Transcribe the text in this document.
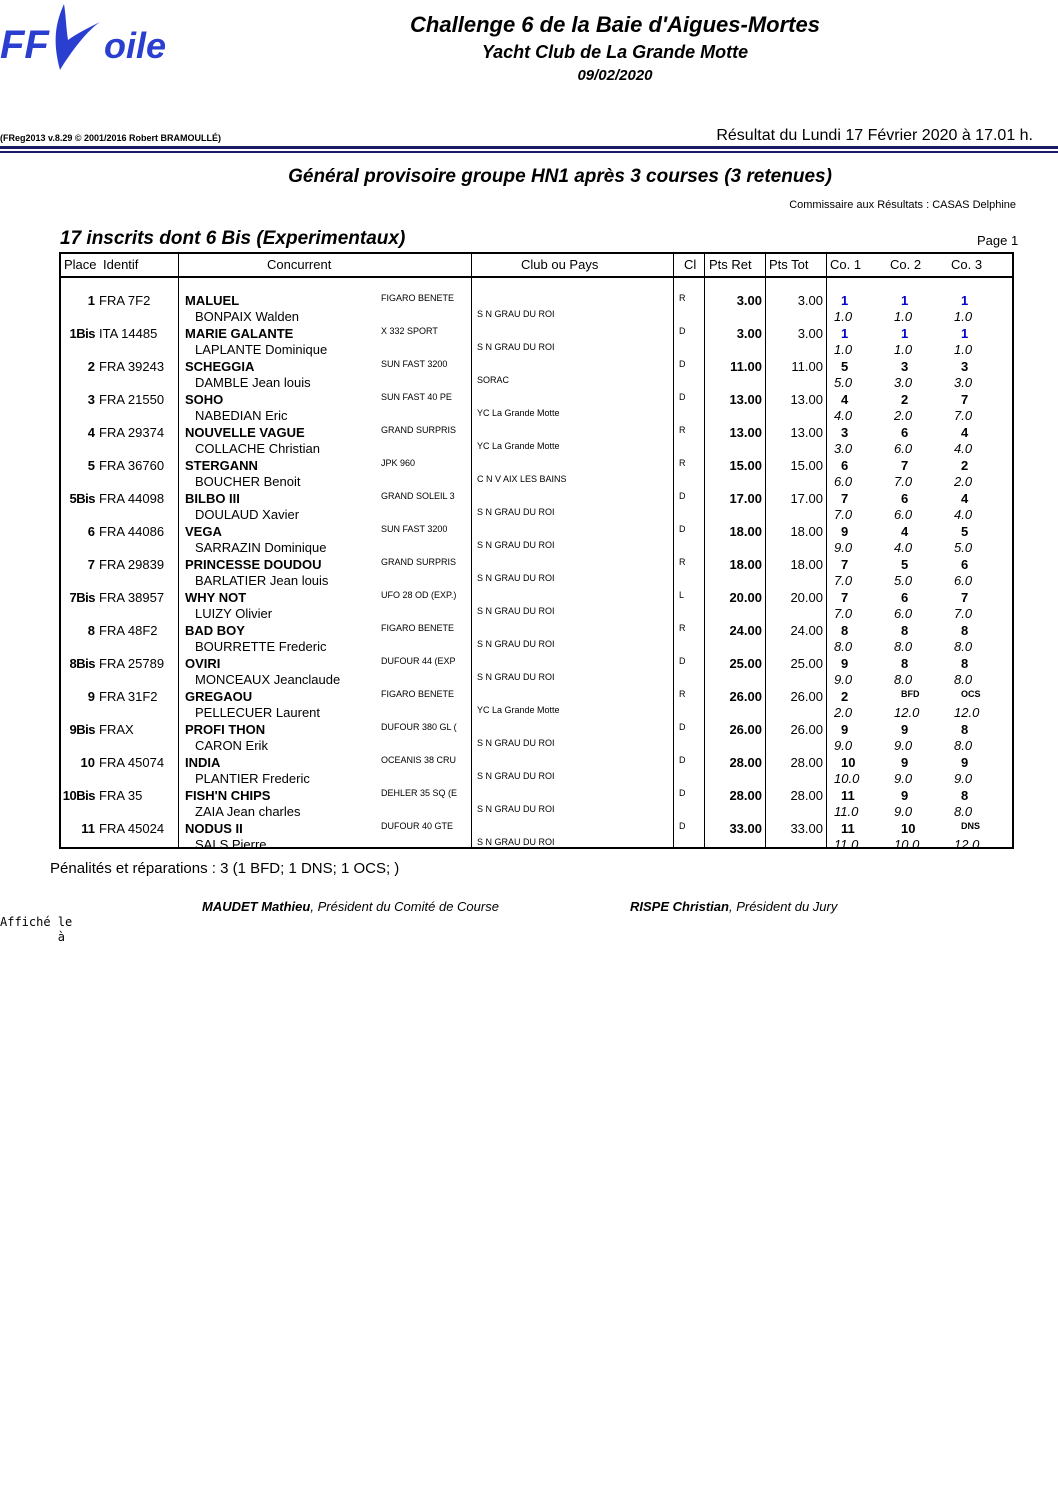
FF oile
Challenge 6 de la Baie d'Aigues-Mortes
Yacht Club de La Grande Motte
09/02/2020
(FReg2013 v.8.29 © 2001/2016 Robert BRAMOULLÉ)	Résultat du Lundi 17 Février 2020 à 17.01 h.
Général provisoire groupe HN1 après 3 courses (3 retenues)
Commissaire aux Résultats : CASAS Delphine
17 inscrits dont 6 Bis (Experimentaux)	Page 1
Place Identif	Concurrent	Club ou Pays	Cl Pts Ret Pts Tot Co. 1 Co. 2 Co. 3
1 FRA 7F2	MALUEL	FIGARO BENETE
BONPAIX Walden	S N GRAU DU ROI
R	3.00	3.00 1	1	1
1.0	1.0	1.0
1Bis ITA 14485	MARIE GALANTE	X 332 SPORT
LAPLANTE Dominique	S N GRAU DU ROI
D	3.00	3.00 1	1	1
1.0	1.0	1.0
2 FRA 39243	SCHEGGIA	SUN FAST 3200
DAMBLE Jean louis	SORAC
D	11.00	11.00 5	3	3
5.0	3.0	3.0
3 FRA 21550	SOHO	SUN FAST 40 PE
NABEDIAN Eric	YC La Grande Motte
D	13.00	13.00 4	2	7
4.0	2.0	7.0
4 FRA 29374	NOUVELLE VAGUE	GRAND SURPRIS
COLLACHE Christian	YC La Grande Motte
R	13.00	13.00 3	6	4
3.0	6.0	4.0
5 FRA 36760	STERGANN	JPK 960
BOUCHER Benoit	C N V AIX LES BAINS
R	15.00	15.00 6	7	2
6.0	7.0	2.0
5Bis FRA 44098	BILBO III	GRAND SOLEIL 3
DOULAUD Xavier	S N GRAU DU ROI
D	17.00	17.00 7	6	4
7.0	6.0	4.0
6 FRA 44086	VEGA	SUN FAST 3200
SARRAZIN Dominique	S N GRAU DU ROI
D	18.00	18.00 9	4	5
9.0	4.0	5.0
7 FRA 29839	PRINCESSE DOUDOU	GRAND SURPRIS
BARLATIER Jean louis	S N GRAU DU ROI
R	18.00	18.00 7	5	6
7.0	5.0	6.0
7Bis FRA 38957	WHY NOT	UFO 28 OD (EXP.)
LUIZY Olivier	S N GRAU DU ROI
L	20.00	20.00 7	6	7
7.0	6.0	7.0
8 FRA 48F2	BAD BOY	FIGARO BENETE
BOURRETTE Frederic	S N GRAU DU ROI
R	24.00	24.00 8	8	8
8.0	8.0	8.0
8Bis FRA 25789	OVIRI	DUFOUR 44 (EXP
MONCEAUX Jeanclaude	S N GRAU DU ROI
D	25.00	25.00 9	8	8
9.0	8.0	8.0
9 FRA 31F2	GREGAOU	FIGARO BENETE
PELLECUER Laurent	YC La Grande Motte
R	26.00	26.00 2	BFD	OCS
2.0	12.0	12.0
9Bis FRAX	PROFI THON	DUFOUR 380 GL (
CARON Erik	S N GRAU DU ROI
D	26.00	26.00 9	9	8
9.0	9.0	8.0
10 FRA 45074	INDIA	OCEANIS 38 CRU
PLANTIER Frederic	S N GRAU DU ROI
D	28.00	28.00 10	9	9
10.0	9.0	9.0
10Bis FRA 35	FISH'N CHIPS	DEHLER 35 SQ (E
ZAIA Jean charles	S N GRAU DU ROI
D	28.00	28.00 11	9	8
11.0	9.0	8.0
11 FRA 45024	NODUS II	DUFOUR 40 GTE
SALS Pierre	S N GRAU DU ROI
D	33.00	33.00 11	10	DNS
11.0	10.0	12.0
Pénalités et réparations : 3 (1 BFD; 1 DNS; 1 OCS; )
MAUDET Mathieu, Président du Comité de Course	RISPE Christian, Président du Jury
Affiché le
à
